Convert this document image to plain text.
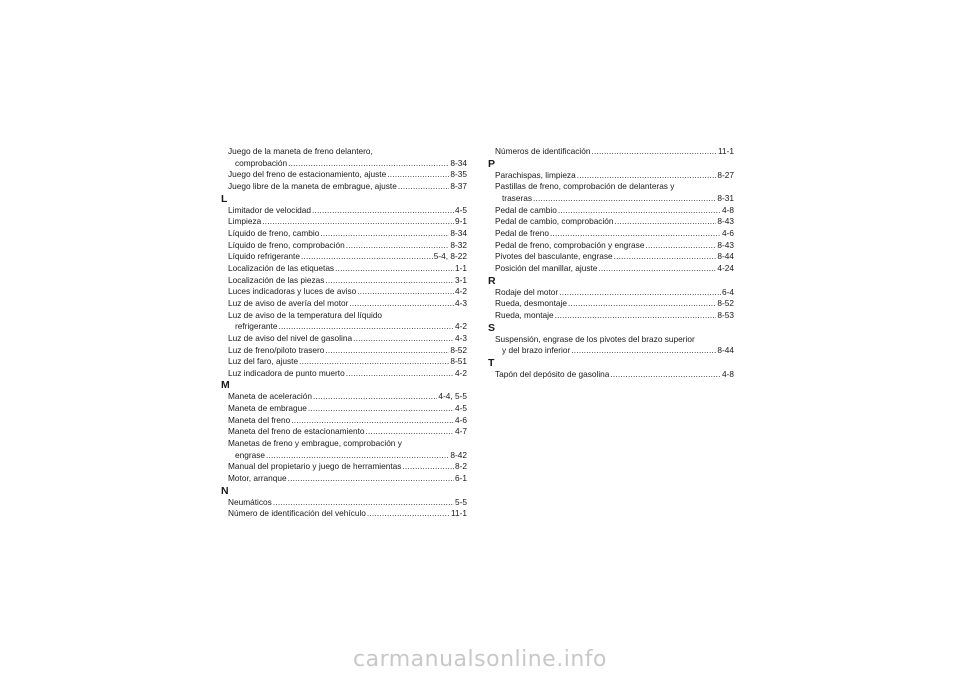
Juego de la maneta de freno delantero,
comprobación .....	8-34
Juego del freno de estacionamiento, ajuste .....	8-35
Juego libre de la maneta de embrague, ajuste .....	8-37
L
Limitador de velocidad .....	4-5
Limpieza .....	9-1
Líquido de freno, cambio .....	8-34
Líquido de freno, comprobación .....	8-32
Líquido refrigerante .....	5-4, 8-22
Localización de las etiquetas .....	1-1
Localización de las piezas .....	3-1
Luces indicadoras y luces de aviso .....	4-2
Luz de aviso de avería del motor .....	4-3
Luz de aviso de la temperatura del líquido
refrigerante .....	4-2
Luz de aviso del nivel de gasolina .....	4-3
Luz de freno/piloto trasero .....	8-52
Luz del faro, ajuste .....	8-51
Luz indicadora de punto muerto .....	4-2
M
Maneta de aceleración .....	4-4, 5-5
Maneta de embrague .....	4-5
Maneta del freno .....	4-6
Maneta del freno de estacionamiento .....	4-7
Manetas de freno y embrague, comprobación y
engrase .....	8-42
Manual del propietario y juego de herramientas .....	8-2
Motor, arranque .....	6-1
N
Neumáticos .....	5-5
Número de identificación del vehículo .....	11-1
Números de identificación .....	11-1
P
Parachispas, limpieza .....	8-27
Pastillas de freno, comprobación de delanteras y
traseras .....	8-31
Pedal de cambio .....	4-8
Pedal de cambio, comprobación .....	8-43
Pedal de freno .....	4-6
Pedal de freno, comprobación y engrase .....	8-43
Pivotes del basculante, engrase .....	8-44
Posición del manillar, ajuste .....	4-24
R
Rodaje del motor .....	6-4
Rueda, desmontaje .....	8-52
Rueda, montaje .....	8-53
S
Suspensión, engrase de los pivotes del brazo superior
y del brazo inferior .....	8-44
T
Tapón del depósito de gasolina .....	4-8
carmanualsonline.info
